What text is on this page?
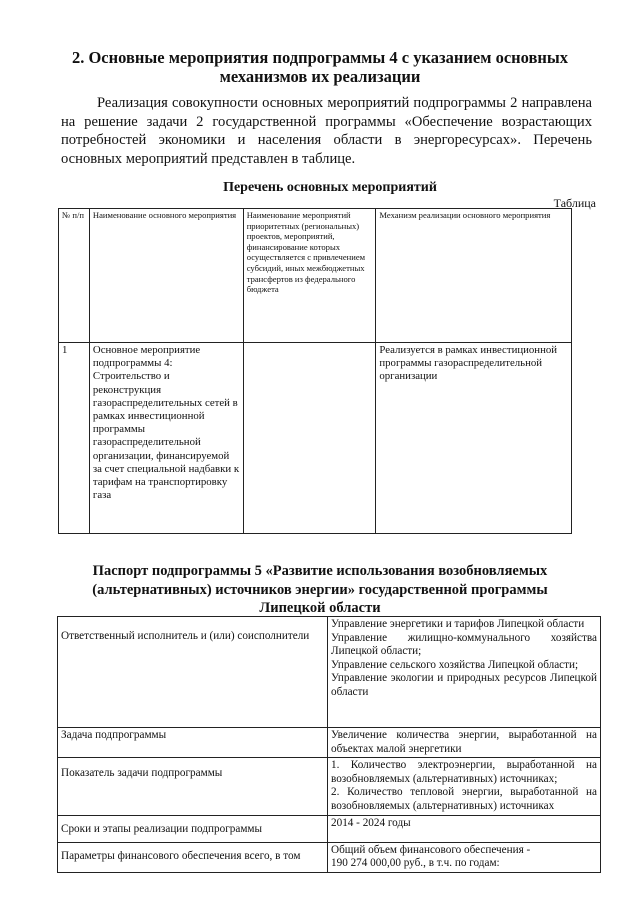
2. Основные мероприятия подпрограммы 4 с указанием основных
механизмов их реализации
Реализация совокупности основных мероприятий подпрограммы 2 направлена на решение задачи 2 государственной программы «Обеспечение возрастающих потребностей экономики и населения области в энергоресурсах». Перечень основных мероприятий представлен в таблице.
Перечень основных мероприятий
Таблица
№ п/п	Наименование основного мероприятия	Наименование мероприятий приоритетных (региональных) проектов, мероприятий, финансирование которых осуществляется с привлечением субсидий, иных межбюджетных трансфертов из федерального бюджета	Механизм реализации основного мероприятия
1	Основное мероприятие подпрограммы 4: Строительство и реконструкция газораспределительных сетей в рамках инвестиционной программы газораспределительной организации, финансируемой за счет специальной надбавки к тарифам на транспортировку газа		Реализуется в рамках инвестиционной программы газораспределительной организации
Паспорт подпрограммы 5 «Развитие использования возобновляемых
(альтернативных) источников энергии» государственной программы
Липецкой области
Ответственный исполнитель и (или) соисполнители	Управление энергетики и тарифов Липецкой области
Управление жилищно-коммунального хозяйства Липецкой области;
Управление сельского хозяйства Липецкой области;
Управление экологии и природных ресурсов Липецкой области

Задача подпрограммы	Увеличение количества энергии, выработанной на объектах малой энергетики

Показатель задачи подпрограммы	1. Количество электроэнергии, выработанной на возобновляемых (альтернативных) источниках;
2. Количество тепловой энергии, выработанной на возобновляемых (альтернативных) источниках

Сроки и этапы реализации подпрограммы	2014 - 2024 годы

Параметры финансового обеспечения всего, в том	Общий объем финансового обеспечения -
190 274 000,00 руб., в т.ч. по годам:
